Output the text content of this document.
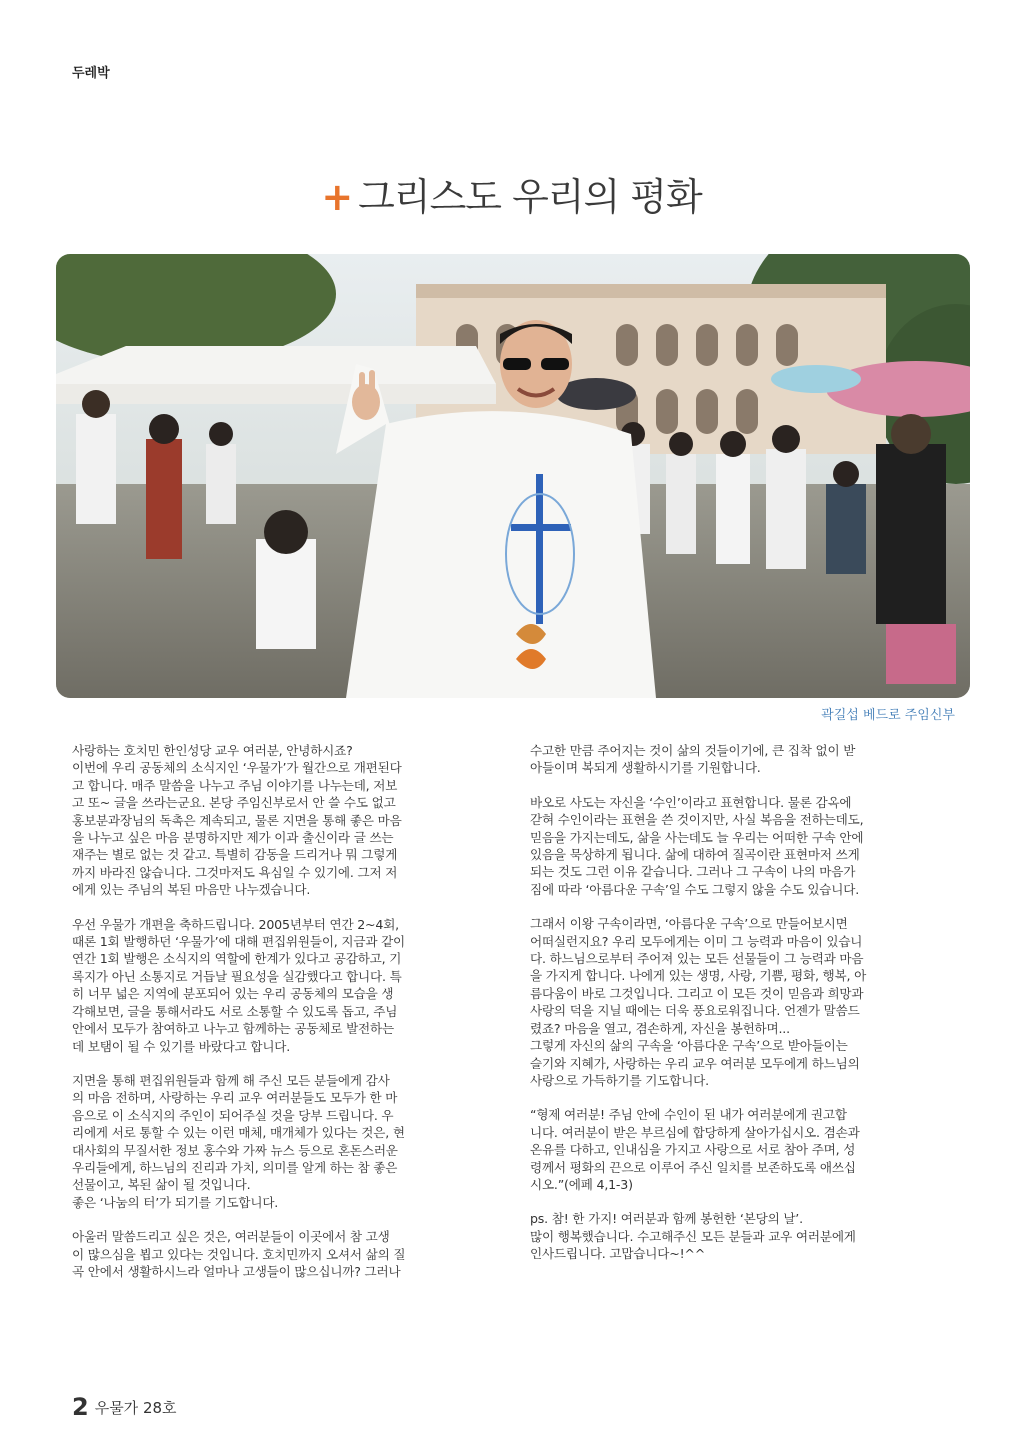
두레박
+ 그리스도 우리의 평화
곽길섭 베드로 주임신부

사랑하는 호치민 한인성당 교우 여러분, 안녕하시죠?
이번에 우리 공동체의 소식지인 ‘우물가’가 월간으로 개편된다
고 합니다. 매주 말씀을 나누고 주님 이야기를 나누는데, 저보
고 또~ 글을 쓰라는군요. 본당 주임신부로서 안 쓸 수도 없고
홍보분과장님의 독촉은 계속되고, 물론 지면을 통해 좋은 마음
을 나누고 싶은 마음 분명하지만 제가 이과 출신이라 글 쓰는
재주는 별로 없는 것 같고. 특별히 감동을 드리거나 뭐 그렇게
까지 바라진 않습니다. 그것마저도 욕심일 수 있기에. 그저 저
에게 있는 주님의 복된 마음만 나누겠습니다.

우선 우물가 개편을 축하드립니다. 2005년부터 연간 2~4회,
때론 1회 발행하던 ‘우물가’에 대해 편집위원들이, 지금과 같이
연간 1회 발행은 소식지의 역할에 한계가 있다고 공감하고, 기
록지가 아닌 소통지로 거듭날 필요성을 실감했다고 합니다. 특
히 너무 넓은 지역에 분포되어 있는 우리 공동체의 모습을 생
각해보면, 글을 통해서라도 서로 소통할 수 있도록 돕고, 주님
안에서 모두가 참여하고 나누고 함께하는 공동체로 발전하는
데 보탬이 될 수 있기를 바랐다고 합니다.

지면을 통해 편집위원들과 함께 해 주신 모든 분들에게 감사
의 마음 전하며, 사랑하는 우리 교우 여러분들도 모두가 한 마
음으로 이 소식지의 주인이 되어주실 것을 당부 드립니다. 우
리에게 서로 통할 수 있는 이런 매체, 매개체가 있다는 것은, 현
대사회의 무질서한 정보 홍수와 가짜 뉴스 등으로 혼돈스러운
우리들에게, 하느님의 진리과 가치, 의미를 알게 하는 참 좋은
선물이고, 복된 삶이 될 것입니다.
좋은 ‘나눔의 터’가 되기를 기도합니다.

아울러 말씀드리고 싶은 것은, 여러분들이 이곳에서 참 고생
이 많으심을 뵙고 있다는 것입니다. 호치민까지 오셔서 삶의 질
곡 안에서 생활하시느라 얼마나 고생들이 많으십니까? 그러나

수고한 만큼 주어지는 것이 삶의 것들이기에, 큰 집착 없이 받
아들이며 복되게 생활하시기를 기원합니다.

바오로 사도는 자신을 ‘수인’이라고 표현합니다. 물론 감옥에
갇혀 수인이라는 표현을 쓴 것이지만, 사실 복음을 전하는데도,
믿음을 가지는데도, 삶을 사는데도 늘 우리는 어떠한 구속 안에
있음을 묵상하게 됩니다. 삶에 대하여 질곡이란 표현마저 쓰게
되는 것도 그런 이유 같습니다. 그러나 그 구속이 나의 마음가
짐에 따라 ‘아름다운 구속’일 수도 그렇지 않을 수도 있습니다.

그래서 이왕 구속이라면, ‘아름다운 구속’으로 만들어보시면
어떠실런지요? 우리 모두에게는 이미 그 능력과 마음이 있습니
다. 하느님으로부터 주어져 있는 모든 선물들이 그 능력과 마음
을 가지게 합니다. 나에게 있는 생명, 사랑, 기쁨, 평화, 행복, 아
름다움이 바로 그것입니다. 그리고 이 모든 것이 믿음과 희망과
사랑의 덕을 지닐 때에는 더욱 풍요로워집니다. 언젠가 말씀드
렸죠? 마음을 열고, 겸손하게, 자신을 봉헌하며...
그렇게 자신의 삶의 구속을 ‘아름다운 구속’으로 받아들이는
슬기와 지혜가, 사랑하는 우리 교우 여러분 모두에게 하느님의
사랑으로 가득하기를 기도합니다.

“형제 여러분! 주님 안에 수인이 된 내가 여러분에게 권고합
니다. 여러분이 받은 부르심에 합당하게 살아가십시오. 겸손과
온유를 다하고, 인내심을 가지고 사랑으로 서로 참아 주며, 성
령께서 평화의 끈으로 이루어 주신 일치를 보존하도록 애쓰십
시오.”(에페 4,1-3)

ps. 참! 한 가지! 여러분과 함께 봉헌한 ‘본당의 날’.
많이 행복했습니다. 수고해주신 모든 분들과 교우 여러분에게
인사드립니다. 고맙습니다~!^^

2 우물가 28호
